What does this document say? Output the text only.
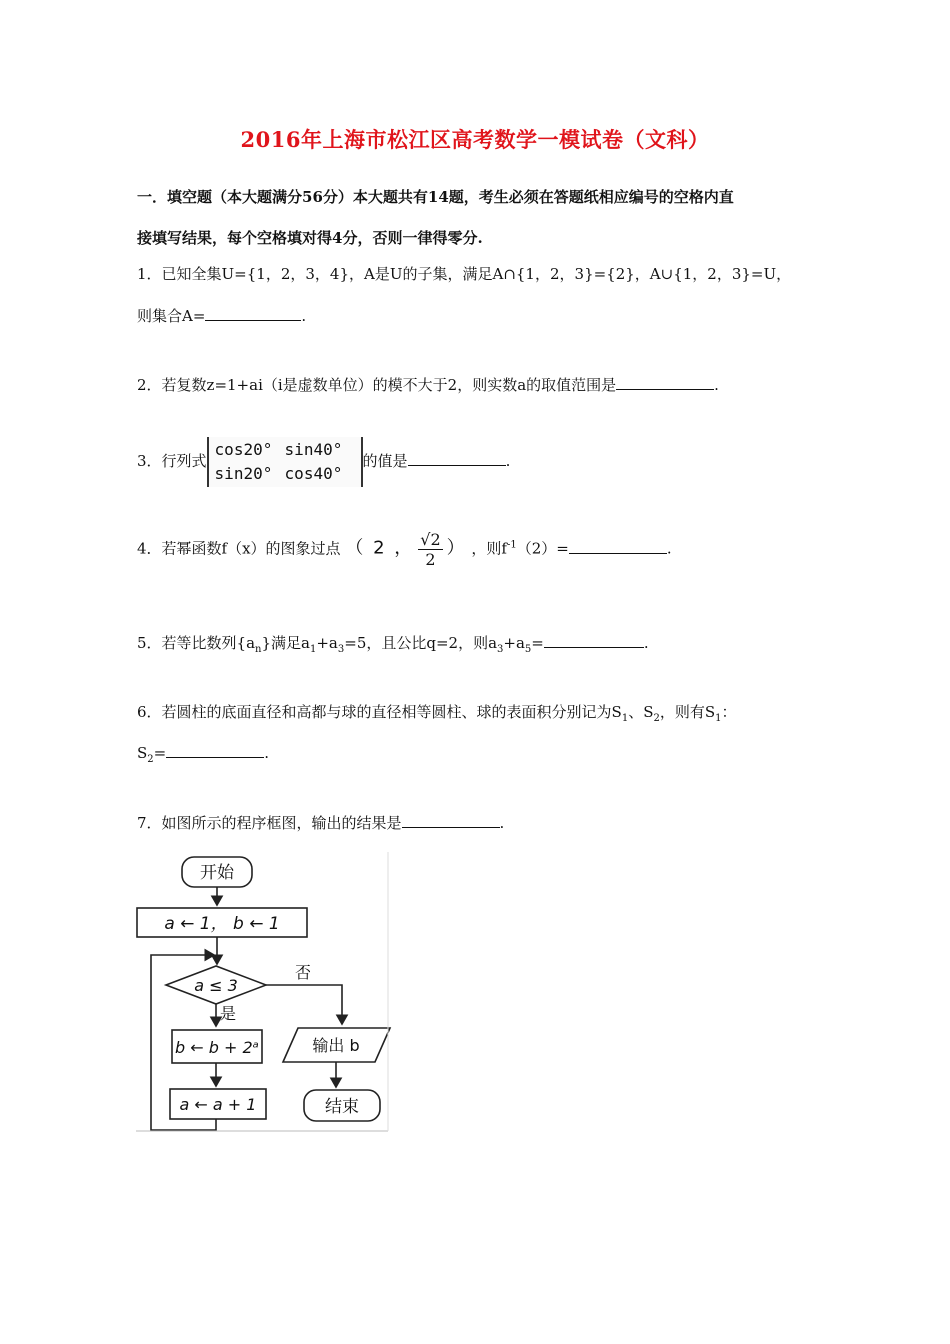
2016年上海市松江区高考数学一模试卷（文科）
一．填空题（本大题满分56分）本大题共有14题，考生必须在答题纸相应编号的空格内直
接填写结果，每个空格填对得4分，否则一律得零分.
1．已知全集U={1，2，3，4}，A是U的子集，满足A∩{1，2，3}={2}，A∪{1，2，3}=U，
则集合A=	.
2．若复数z=1+ai（i是虚数单位）的模不大于2，则实数a的取值范围是	.
3．行列式
cos20° sin40°
sin20° cos40°
的值是	.
4．若幂函数f（x）的图象过点 （ 2 ， $\frac{√2}{2}$ ） ，则$f^{-1}(2)=$	.
5．若等比数列$\{a_n\}$满足$a_1+a_3=5$，且公比q=2，则$a_3+a_5=$	.
6．若圆柱的底面直径和高都与球的直径相等圆柱、球的表面积分别记为$S_1$、$S_2$，则有$S_1$：
$S_2=$	.
7．如图所示的程序框图，输出的结果是	.
开始
a ← 1， b ← 1
a ≤ 3
是
否
b ← b + 2ᵃ
a ← a + 1
输出 b
结束
